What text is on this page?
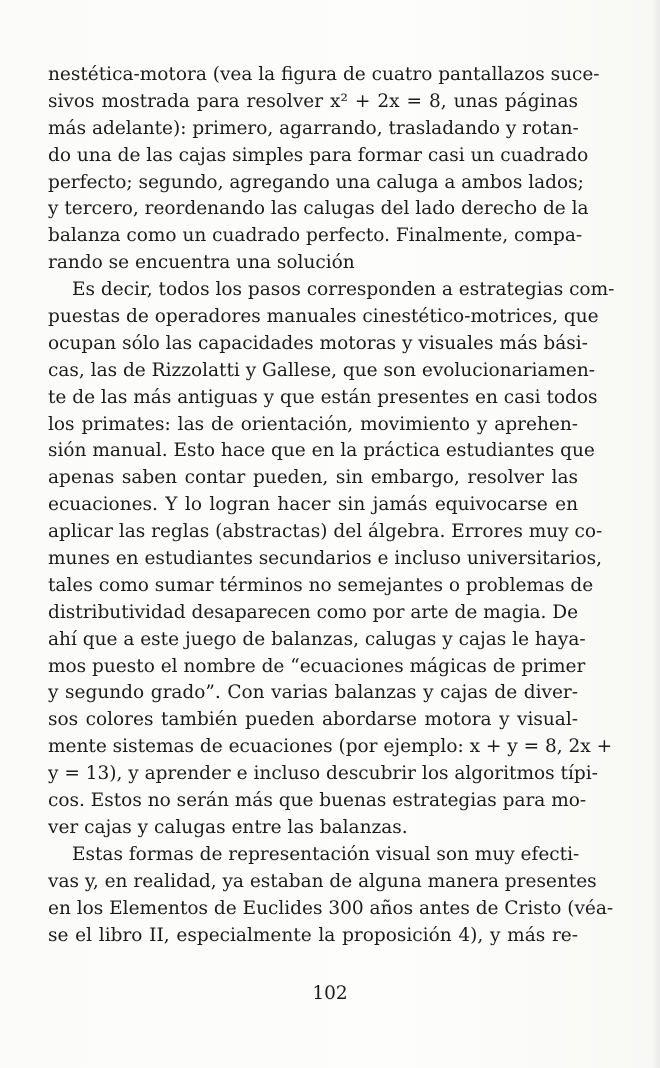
nestética-motora (vea la figura de cuatro pantallazos suce-
sivos mostrada para resolver x² + 2x = 8, unas páginas
más adelante): primero, agarrando, trasladando y rotan-
do una de las cajas simples para formar casi un cuadrado
perfecto; segundo, agregando una caluga a ambos lados;
y tercero, reordenando las calugas del lado derecho de la
balanza como un cuadrado perfecto. Finalmente, compa-
rando se encuentra una solución
Es decir, todos los pasos corresponden a estrategias com-
puestas de operadores manuales cinestético-motrices, que
ocupan sólo las capacidades motoras y visuales más bási-
cas, las de Rizzolatti y Gallese, que son evolucionariamen-
te de las más antiguas y que están presentes en casi todos
los primates: las de orientación, movimiento y aprehen-
sión manual. Esto hace que en la práctica estudiantes que
apenas saben contar pueden, sin embargo, resolver las
ecuaciones. Y lo logran hacer sin jamás equivocarse en
aplicar las reglas (abstractas) del álgebra. Errores muy co-
munes en estudiantes secundarios e incluso universitarios,
tales como sumar términos no semejantes o problemas de
distributividad desaparecen como por arte de magia. De
ahí que a este juego de balanzas, calugas y cajas le haya-
mos puesto el nombre de “ecuaciones mágicas de primer
y segundo grado”. Con varias balanzas y cajas de diver-
sos colores también pueden abordarse motora y visual-
mente sistemas de ecuaciones (por ejemplo: x + y = 8, 2x +
y = 13), y aprender e incluso descubrir los algoritmos típi-
cos. Estos no serán más que buenas estrategias para mo-
ver cajas y calugas entre las balanzas.
Estas formas de representación visual son muy efecti-
vas y, en realidad, ya estaban de alguna manera presentes
en los Elementos de Euclides 300 años antes de Cristo (véa-
se el libro II, especialmente la proposición 4), y más re-
102
